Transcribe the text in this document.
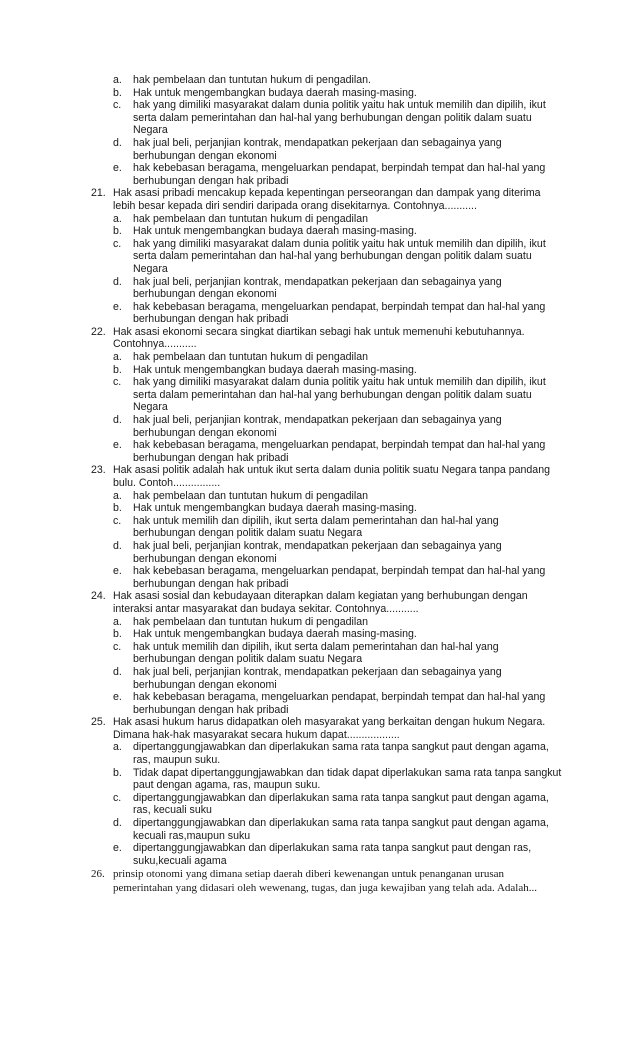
a. hak pembelaan dan tuntutan hukum di pengadilan.
b. Hak untuk mengembangkan budaya daerah masing-masing.
c. hak yang dimiliki masyarakat dalam dunia politik yaitu hak untuk memilih dan dipilih, ikut serta dalam pemerintahan dan hal-hal yang berhubungan dengan politik dalam suatu Negara
d. hak jual beli, perjanjian kontrak, mendapatkan pekerjaan dan sebagainya yang berhubungan dengan ekonomi
e. hak kebebasan beragama, mengeluarkan pendapat, berpindah tempat dan hal-hal yang berhubungan dengan hak pribadi
21. Hak asasi pribadi mencakup kepada kepentingan perseorangan dan dampak yang diterima lebih besar kepada diri sendiri daripada orang disekitarnya. Contohnya...........
a. hak pembelaan dan tuntutan hukum di pengadilan
b. Hak untuk mengembangkan budaya daerah masing-masing.
c. hak yang dimiliki masyarakat dalam dunia politik yaitu hak untuk memilih dan dipilih, ikut serta dalam pemerintahan dan hal-hal yang berhubungan dengan politik dalam suatu Negara
d. hak jual beli, perjanjian kontrak, mendapatkan pekerjaan dan sebagainya yang berhubungan dengan ekonomi
e. hak kebebasan beragama, mengeluarkan pendapat, berpindah tempat dan hal-hal yang berhubungan dengan hak pribadi
22. Hak asasi ekonomi secara singkat diartikan sebagi hak untuk memenuhi kebutuhannya. Contohnya...........
a. hak pembelaan dan tuntutan hukum di pengadilan
b. Hak untuk mengembangkan budaya daerah masing-masing.
c. hak yang dimiliki masyarakat dalam dunia politik yaitu hak untuk memilih dan dipilih, ikut serta dalam pemerintahan dan hal-hal yang berhubungan dengan politik dalam suatu Negara
d. hak jual beli, perjanjian kontrak, mendapatkan pekerjaan dan sebagainya yang berhubungan dengan ekonomi
e. hak kebebasan beragama, mengeluarkan pendapat, berpindah tempat dan hal-hal yang berhubungan dengan hak pribadi
23. Hak asasi politik adalah hak untuk ikut serta dalam dunia politik suatu Negara tanpa pandang bulu. Contoh................
a. hak pembelaan dan tuntutan hukum di pengadilan
b. Hak untuk mengembangkan budaya daerah masing-masing.
c. hak untuk memilih dan dipilih, ikut serta dalam pemerintahan dan hal-hal yang berhubungan dengan politik dalam suatu Negara
d. hak jual beli, perjanjian kontrak, mendapatkan pekerjaan dan sebagainya yang berhubungan dengan ekonomi
e. hak kebebasan beragama, mengeluarkan pendapat, berpindah tempat dan hal-hal yang berhubungan dengan hak pribadi
24. Hak asasi sosial dan kebudayaan diterapkan dalam kegiatan yang berhubungan dengan interaksi antar masyarakat dan budaya sekitar. Contohnya...........
a. hak pembelaan dan tuntutan hukum di pengadilan
b. Hak untuk mengembangkan budaya daerah masing-masing.
c. hak untuk memilih dan dipilih, ikut serta dalam pemerintahan dan hal-hal yang berhubungan dengan politik dalam suatu Negara
d. hak jual beli, perjanjian kontrak, mendapatkan pekerjaan dan sebagainya yang berhubungan dengan ekonomi
e. hak kebebasan beragama, mengeluarkan pendapat, berpindah tempat dan hal-hal yang berhubungan dengan hak pribadi
25. Hak asasi hukum harus didapatkan oleh masyarakat yang berkaitan dengan hukum Negara. Dimana hak-hak masyarakat secara hukum dapat..................
a. dipertanggungjawabkan dan diperlakukan sama rata tanpa sangkut paut dengan agama, ras, maupun suku.
b. Tidak dapat dipertanggungjawabkan dan tidak dapat diperlakukan sama rata tanpa sangkut paut dengan agama, ras, maupun suku.
c. dipertanggungjawabkan dan diperlakukan sama rata tanpa sangkut paut dengan agama, ras, kecuali suku
d. dipertanggungjawabkan dan diperlakukan sama rata tanpa sangkut paut dengan agama, kecuali ras,maupun suku
e. dipertanggungjawabkan dan diperlakukan sama rata tanpa sangkut paut dengan ras, suku,kecuali agama
26. prinsip otonomi yang dimana setiap daerah diberi kewenangan untuk penanganan urusan pemerintahan yang didasari oleh wewenang, tugas, dan juga kewajiban yang telah ada. Adalah...
